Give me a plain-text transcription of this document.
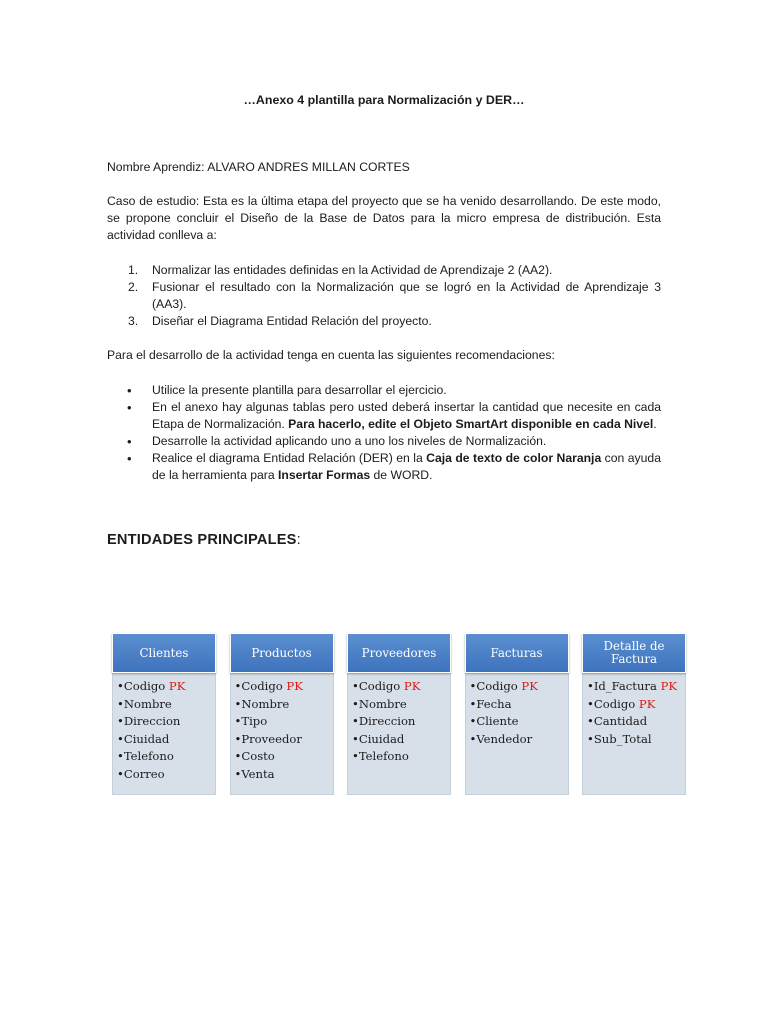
…Anexo 4 plantilla para Normalización y DER…
Nombre Aprendiz: ALVARO ANDRES MILLAN CORTES

Caso de estudio: Esta es la última etapa del proyecto que se ha venido desarrollando. De este modo, se propone concluir el Diseño de la Base de Datos para la micro empresa de distribución. Esta actividad conlleva a:

1. Normalizar las entidades definidas en la Actividad de Aprendizaje 2 (AA2).
2. Fusionar el resultado con la Normalización que se logró en la Actividad de Aprendizaje 3 (AA3).
3. Diseñar el Diagrama Entidad Relación del proyecto.

Para el desarrollo de la actividad tenga en cuenta las siguientes recomendaciones:

• Utilice la presente plantilla para desarrollar el ejercicio.
• En el anexo hay algunas tablas pero usted deberá insertar la cantidad que necesite en cada Etapa de Normalización. Para hacerlo, edite el Objeto SmartArt disponible en cada Nivel.
• Desarrolle la actividad aplicando uno a uno los niveles de Normalización.
• Realice el diagrama Entidad Relación (DER) en la Caja de texto de color Naranja con ayuda de la herramienta para Insertar Formas de WORD.
ENTIDADES PRINCIPALES:
Clientes
•Codigo PK
•Nombre
•Direccion
•Ciuidad
•Telefono
•Correo
Productos
•Codigo PK
•Nombre
•Tipo
•Proveedor
•Costo
•Venta
Proveedores
•Codigo PK
•Nombre
•Direccion
•Ciuidad
•Telefono
Facturas
•Codigo PK
•Fecha
•Cliente
•Vendedor
Detalle de Factura
•Id_Factura PK
•Codigo PK
•Cantidad
•Sub_Total
